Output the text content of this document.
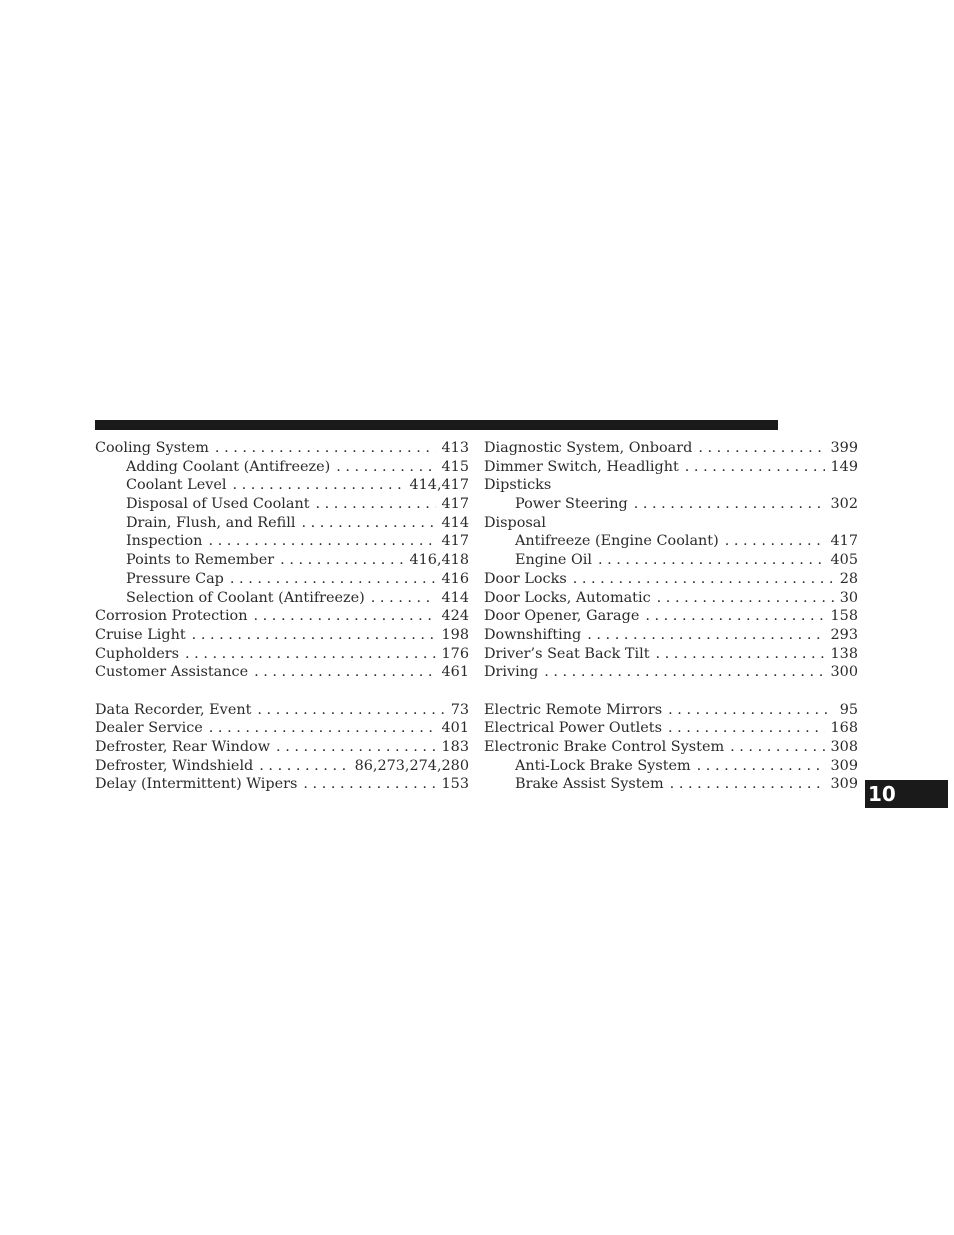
Cooling System . . .	413
Adding Coolant (Antifreeze) . . .	415
Coolant Level . . .	414,417
Disposal of Used Coolant . . .	417
Drain, Flush, and Refill . . .	414
Inspection . . .	417
Points to Remember . . .	416,418
Pressure Cap . . .	416
Selection of Coolant (Antifreeze) . . .	414
Corrosion Protection . . .	424
Cruise Light . . .	198
Cupholders . . .	176
Customer Assistance . . .	461
Data Recorder, Event . . .	73
Dealer Service . . .	401
Defroster, Rear Window . . .	183
Defroster, Windshield . . .	86,273,274,280
Delay (Intermittent) Wipers . . .	153
Diagnostic System, Onboard . . .	399
Dimmer Switch, Headlight . . .	149
Dipsticks
Power Steering . . .	302
Disposal
Antifreeze (Engine Coolant) . . .	417
Engine Oil . . .	405
Door Locks . . .	28
Door Locks, Automatic . . .	30
Door Opener, Garage . . .	158
Downshifting . . .	293
Driver’s Seat Back Tilt . . .	138
Driving . . .	300
Electric Remote Mirrors . . .	95
Electrical Power Outlets . . .	168
Electronic Brake Control System . . .	308
Anti-Lock Brake System . . .	309
Brake Assist System . . .	309 10
